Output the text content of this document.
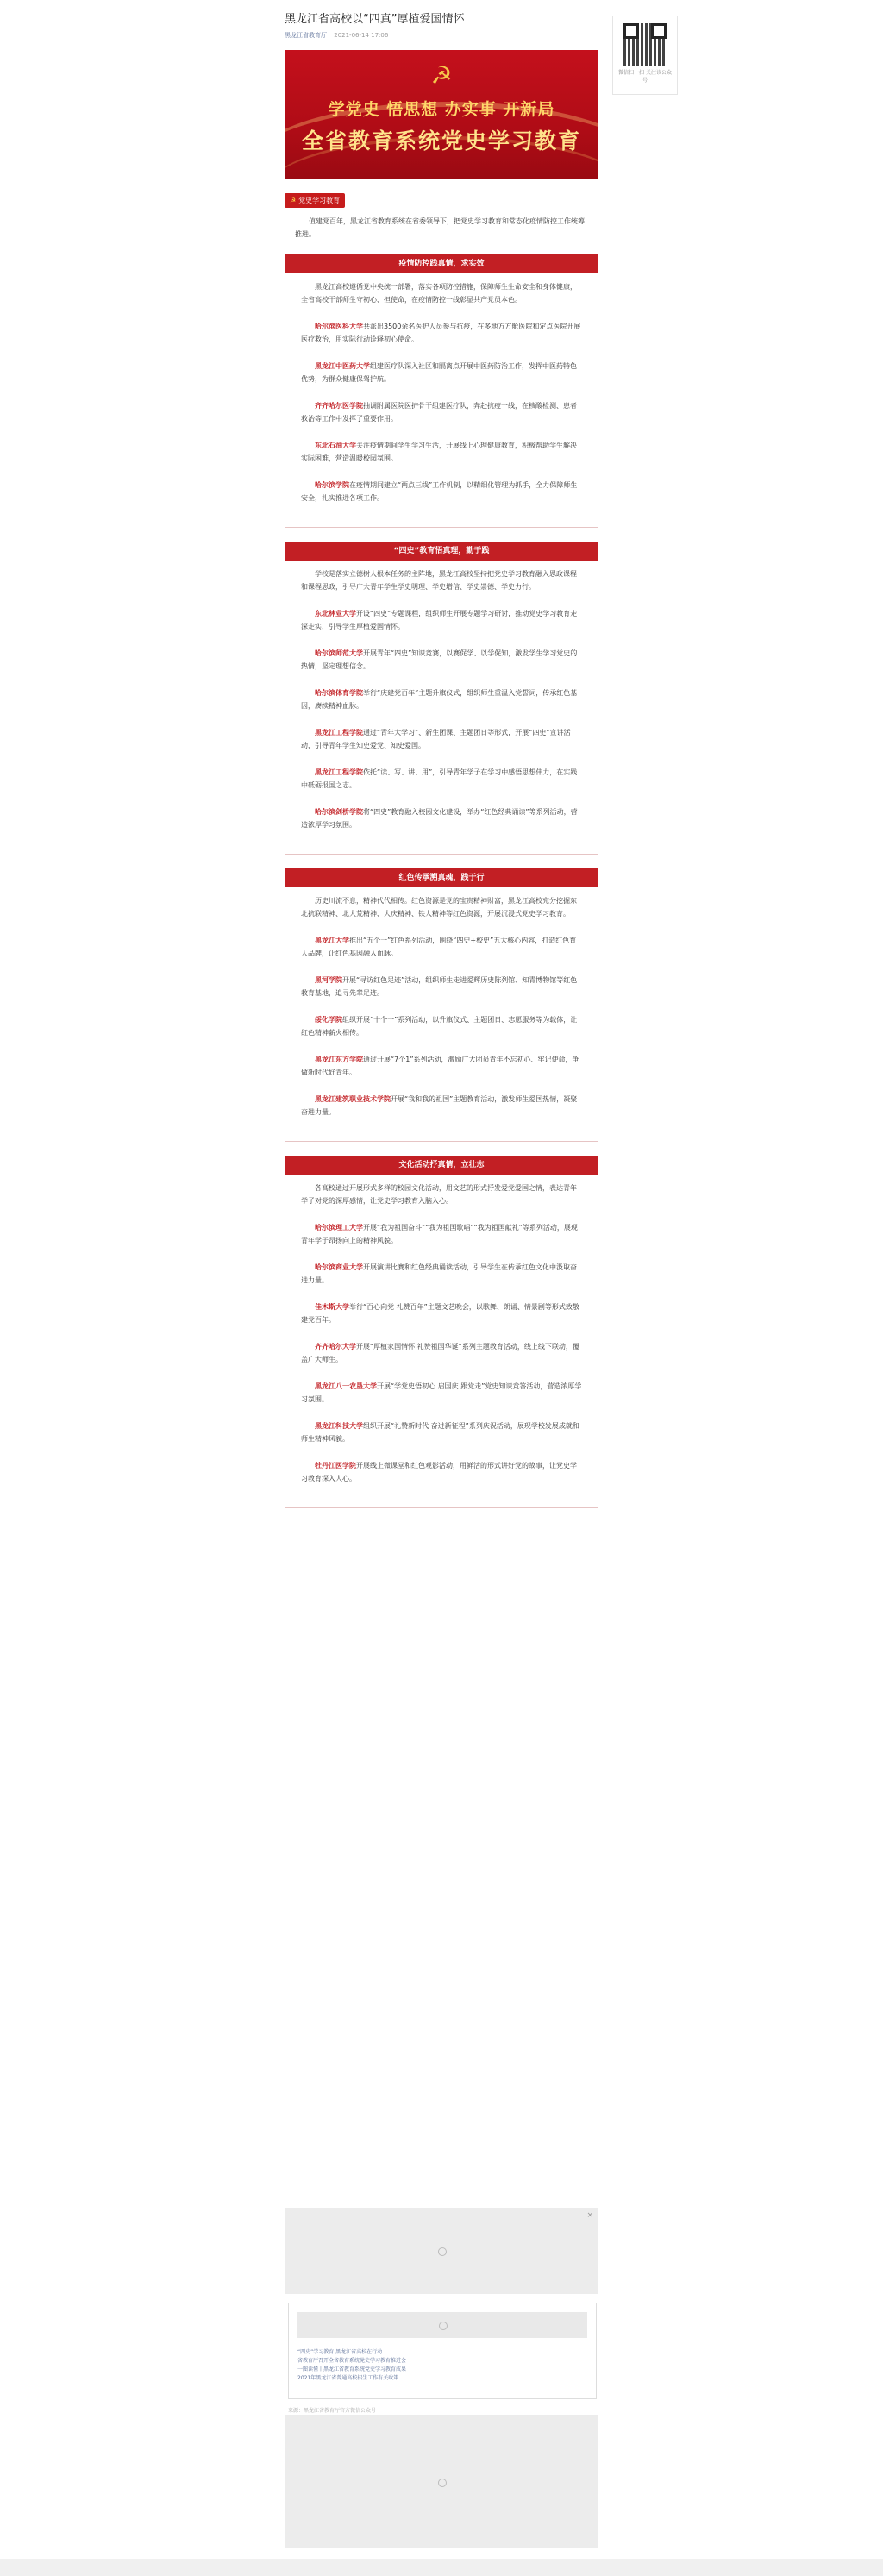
黑龙江省高校以“四真”厚植爱国情怀
黑龙江省教育厅 2021-06-14 17:06
☭
学党史 悟思想 办实事 开新局
全省教育系统党史学习教育
☭ 党史学习教育

值建党百年，黑龙江省教育系统在省委领导下，把党史学习教育和常态化疫情防控工作统筹推进。

疫情防控践真情，求实效

黑龙江高校遵循党中央统一部署，落实各项防控措施，保障师生生命安全和身体健康，全省高校干部师生守初心、担使命，在疫情防控一线彰显共产党员本色。

哈尔滨医科大学共派出3500余名医护人员参与抗疫，在多地方方舱医院和定点医院开展医疗救治，用实际行动诠释初心使命。

黑龙江中医药大学组建医疗队深入社区和隔离点开展中医药防治工作，发挥中医药特色优势，为群众健康保驾护航。

齐齐哈尔医学院抽调附属医院医护骨干组建医疗队，奔赴抗疫一线，在核酸检测、患者救治等工作中发挥了重要作用。

东北石油大学关注疫情期间学生学习生活，开展线上心理健康教育，积极帮助学生解决实际困难，营造温暖校园氛围。

哈尔滨学院在疫情期间建立“两点三线”工作机制，以精细化管理为抓手，全力保障师生安全，扎实推进各项工作。

“四史”教育悟真理，勤于践

学校是落实立德树人根本任务的主阵地，黑龙江高校坚持把党史学习教育融入思政课程和课程思政，引导广大青年学生学史明理、学史增信、学史崇德、学史力行。

东北林业大学开设“四史”专题课程，组织师生开展专题学习研讨，推动党史学习教育走深走实，引导学生厚植爱国情怀。

哈尔滨师范大学开展青年“四史”知识竞赛，以赛促学、以学促知，激发学生学习党史的热情，坚定理想信念。

哈尔滨体育学院举行“庆建党百年”主题升旗仪式，组织师生重温入党誓词，传承红色基因，赓续精神血脉。

黑龙江工程学院通过“青年大学习”、新生团课、主题团日等形式，开展“四史”宣讲活动，引导青年学生知史爱党、知史爱国。

黑龙江工程学院依托“读、写、讲、用”，引导青年学子在学习中感悟思想伟力，在实践中砥砺报国之志。

哈尔滨剑桥学院将“四史”教育融入校园文化建设，举办“红色经典诵读”等系列活动，营造浓厚学习氛围。

红色传承溯真魂，践于行

历史川流不息，精神代代相传。红色资源是党的宝贵精神财富，黑龙江高校充分挖掘东北抗联精神、北大荒精神、大庆精神、铁人精神等红色资源，开展沉浸式党史学习教育。

黑龙江大学推出“五个一”红色系列活动，围绕“四史+校史”五大核心内容，打造红色育人品牌，让红色基因融入血脉。

黑河学院开展“寻访红色足迹”活动，组织师生走进爱辉历史陈列馆、知青博物馆等红色教育基地，追寻先辈足迹。

绥化学院组织开展“十个一”系列活动，以升旗仪式、主题团日、志愿服务等为载体，让红色精神薪火相传。

黑龙江东方学院通过开展“7个1”系列活动，激励广大团员青年不忘初心、牢记使命，争做新时代好青年。

黑龙江建筑职业技术学院开展“我和我的祖国”主题教育活动，激发师生爱国热情，凝聚奋进力量。

文化活动抒真情，立壮志

各高校通过开展形式多样的校园文化活动，用文艺的形式抒发爱党爱国之情，表达青年学子对党的深厚感情，让党史学习教育入脑入心。

哈尔滨理工大学开展“我为祖国奋斗”“我为祖国歌唱”“我为祖国献礼”等系列活动，展现青年学子昂扬向上的精神风貌。

哈尔滨商业大学开展演讲比赛和红色经典诵读活动，引导学生在传承红色文化中汲取奋进力量。

佳木斯大学举行“百心向党 礼赞百年”主题文艺晚会，以歌舞、朗诵、情景剧等形式致敬建党百年。

齐齐哈尔大学开展“厚植家国情怀 礼赞祖国华诞”系列主题教育活动，线上线下联动，覆盖广大师生。

黑龙江八一农垦大学开展“学党史悟初心 启国庆 跟党走”党史知识竞答活动，营造浓厚学习氛围。

黑龙江科技大学组织开展“礼赞新时代 奋进新征程”系列庆祝活动，展现学校发展成就和师生精神风貌。

牡丹江医学院开展线上微课堂和红色观影活动，用鲜活的形式讲好党的故事，让党史学习教育深入人心。

微信扫一扫 关注该公众号
×
“四史”学习教育 黑龙江省高校在行动
省教育厅召开全省教育系统党史学习教育推进会
一图读懂丨黑龙江省教育系统党史学习教育成果
2021年黑龙江省普通高校招生工作有关政策
来源：黑龙江省教育厅官方微信公众号
